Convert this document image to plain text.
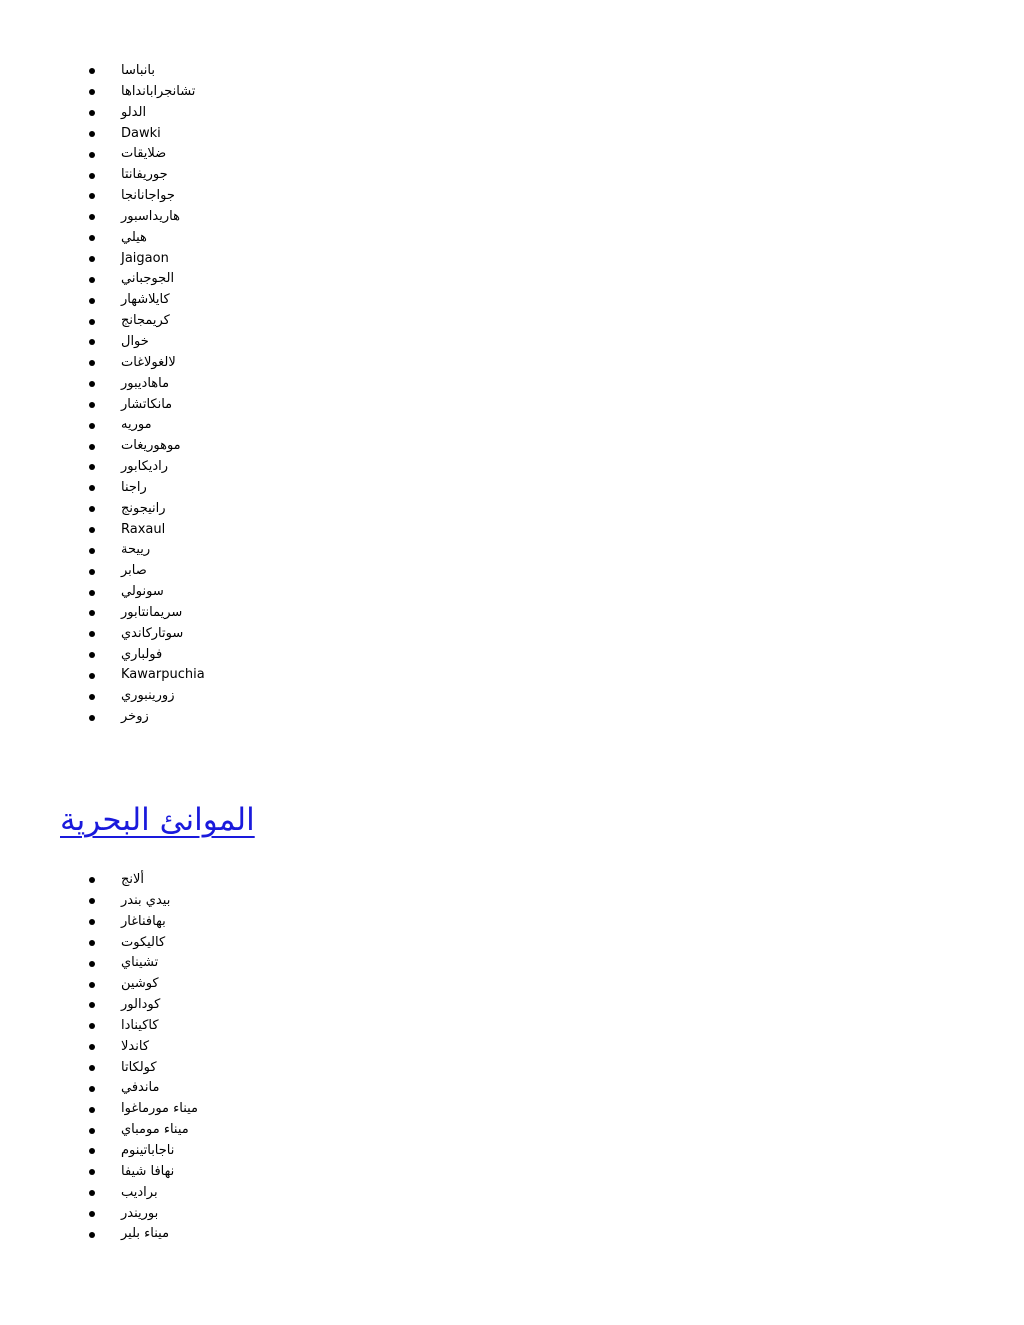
بانباسا
تشانجرابانداها
الدلو
Dawki
ضلايقات
جوريفانتا
جواجانانجا
هاريداسبور
هيلي
Jaigaon
الجوجباني
كايلاشهار
كريمجانج
خوال
لالغولاغات
ماهاديبور
مانكاتشار
موريه
موهوريغات
راديكابور
راجنا
رانيجونج
Raxaul
رييحة
صابر
سونولي
سريمانتابور
سوتاركاندي
فولباري
Kawarpuchia
زورينبوري
زوخر
الموانئ البحرية
ألانج
بيدي بندر
بهافناغار
كاليكوت
تشيناي
كوشين
كودالور
كاكينادا
كاندلا
كولكاتا
ماندفي
ميناء مورماغوا
ميناء مومباي
ناجاباتينوم
نهافا شيفا
براديب
بوريندر
ميناء بلير
